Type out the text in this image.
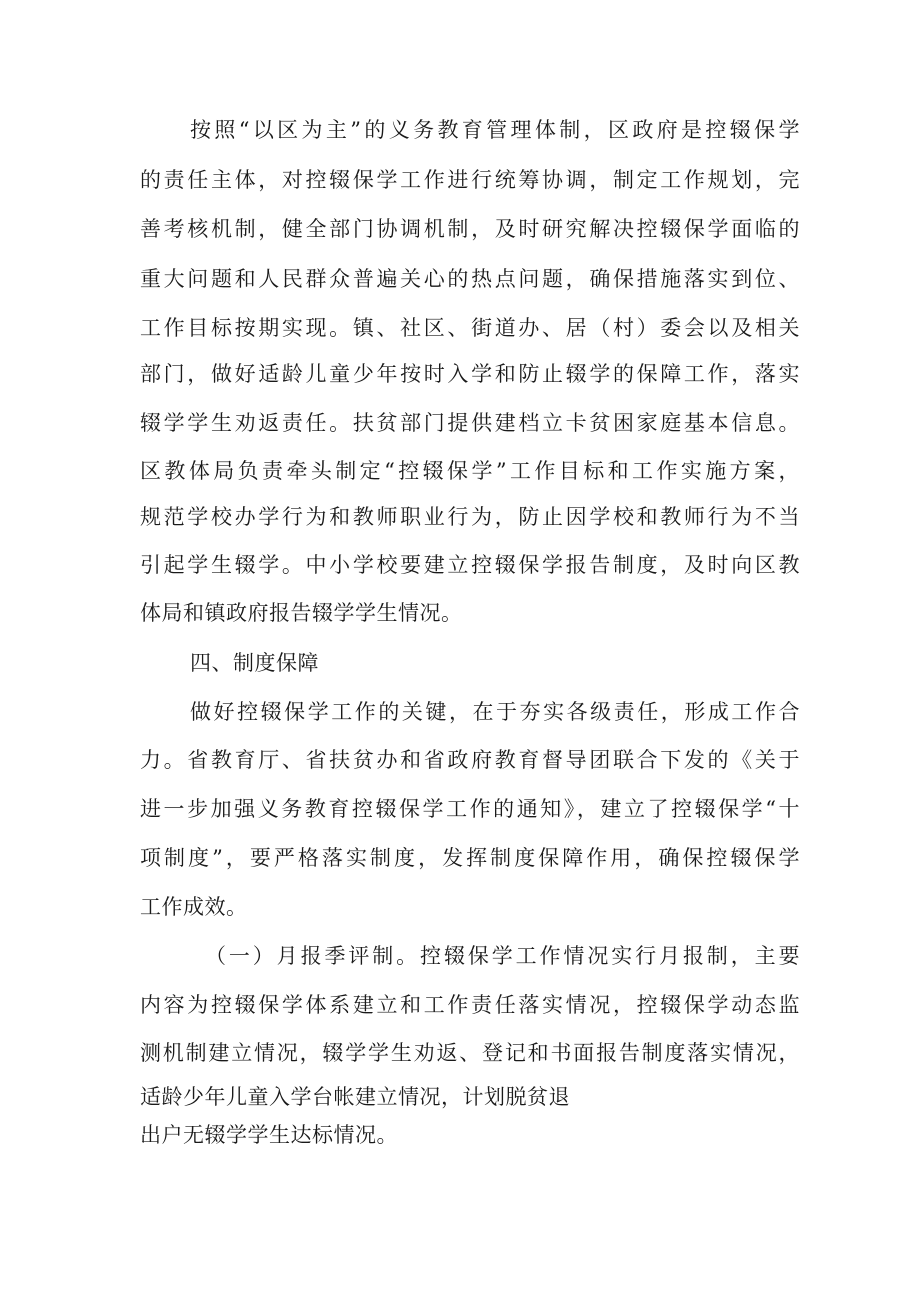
按照“以区为主”的义务教育管理体制，区政府是控辍保学
的责任主体，对控辍保学工作进行统筹协调，制定工作规划，完
善考核机制，健全部门协调机制，及时研究解决控辍保学面临的
重大问题和人民群众普遍关心的热点问题，确保措施落实到位、
工作目标按期实现。镇、社区、街道办、居（村）委会以及相关
部门，做好适龄儿童少年按时入学和防止辍学的保障工作，落实
辍学学生劝返责任。扶贫部门提供建档立卡贫困家庭基本信息。
区教体局负责牵头制定“控辍保学”工作目标和工作实施方案，
规范学校办学行为和教师职业行为，防止因学校和教师行为不当
引起学生辍学。中小学校要建立控辍保学报告制度，及时向区教
体局和镇政府报告辍学学生情况。
四、制度保障
做好控辍保学工作的关键，在于夯实各级责任，形成工作合
力。省教育厅、省扶贫办和省政府教育督导团联合下发的《关于
进一步加强义务教育控辍保学工作的通知》，建立了控辍保学“十
项制度”，要严格落实制度，发挥制度保障作用，确保控辍保学
工作成效。
（一）月报季评制。控辍保学工作情况实行月报制，主要
内容为控辍保学体系建立和工作责任落实情况，控辍保学动态监
测机制建立情况，辍学学生劝返、登记和书面报告制度落实情况，
适龄少年儿童入学台帐建立情况，计划脱贫退
出户无辍学学生达标情况。
